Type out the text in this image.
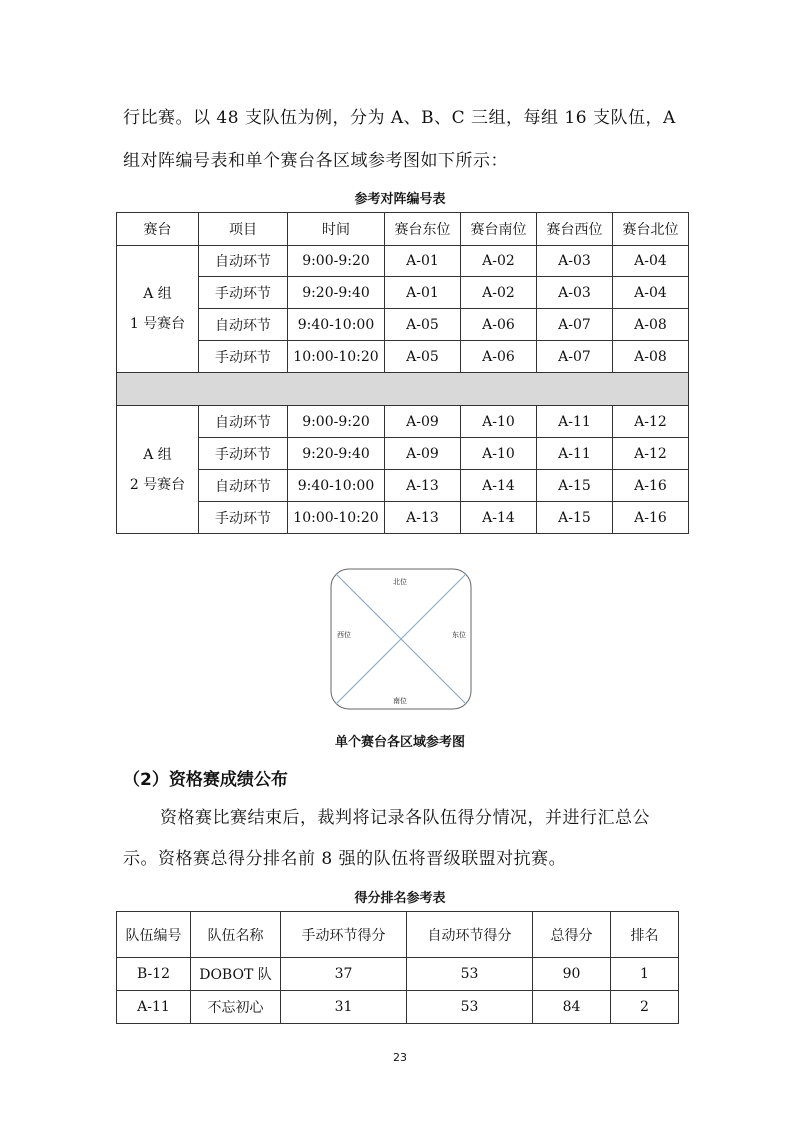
行比赛。以 48 支队伍为例，分为 A、B、C 三组，每组 16 支队伍，A
组对阵编号表和单个赛台各区域参考图如下所示：
参考对阵编号表
赛台	项目	时间	赛台东位	赛台南位	赛台西位	赛台北位

A 组
1 号赛台	自动环节	9:00-9:20	A-01	A-02	A-03	A-04
	手动环节	9:20-9:40	A-01	A-02	A-03	A-04
	自动环节	9:40-10:00	A-05	A-06	A-07	A-08
	手动环节	10:00-10:20	A-05	A-06	A-07	A-08

A 组
2 号赛台	自动环节	9:00-9:20	A-09	A-10	A-11	A-12
	手动环节	9:20-9:40	A-09	A-10	A-11	A-12
	自动环节	9:40-10:00	A-13	A-14	A-15	A-16
	手动环节	10:00-10:20	A-13	A-14	A-15	A-16
北位
南位
东位
西位
单个赛台各区域参考图
（2）资格赛成绩公布
资格赛比赛结束后，裁判将记录各队伍得分情况，并进行汇总公
示。资格赛总得分排名前 8 强的队伍将晋级联盟对抗赛。
得分排名参考表
队伍编号	队伍名称	手动环节得分	自动环节得分	总得分	排名
B-12	DOBOT 队	37	53	90	1
A-11	不忘初心	31	53	84	2
23
